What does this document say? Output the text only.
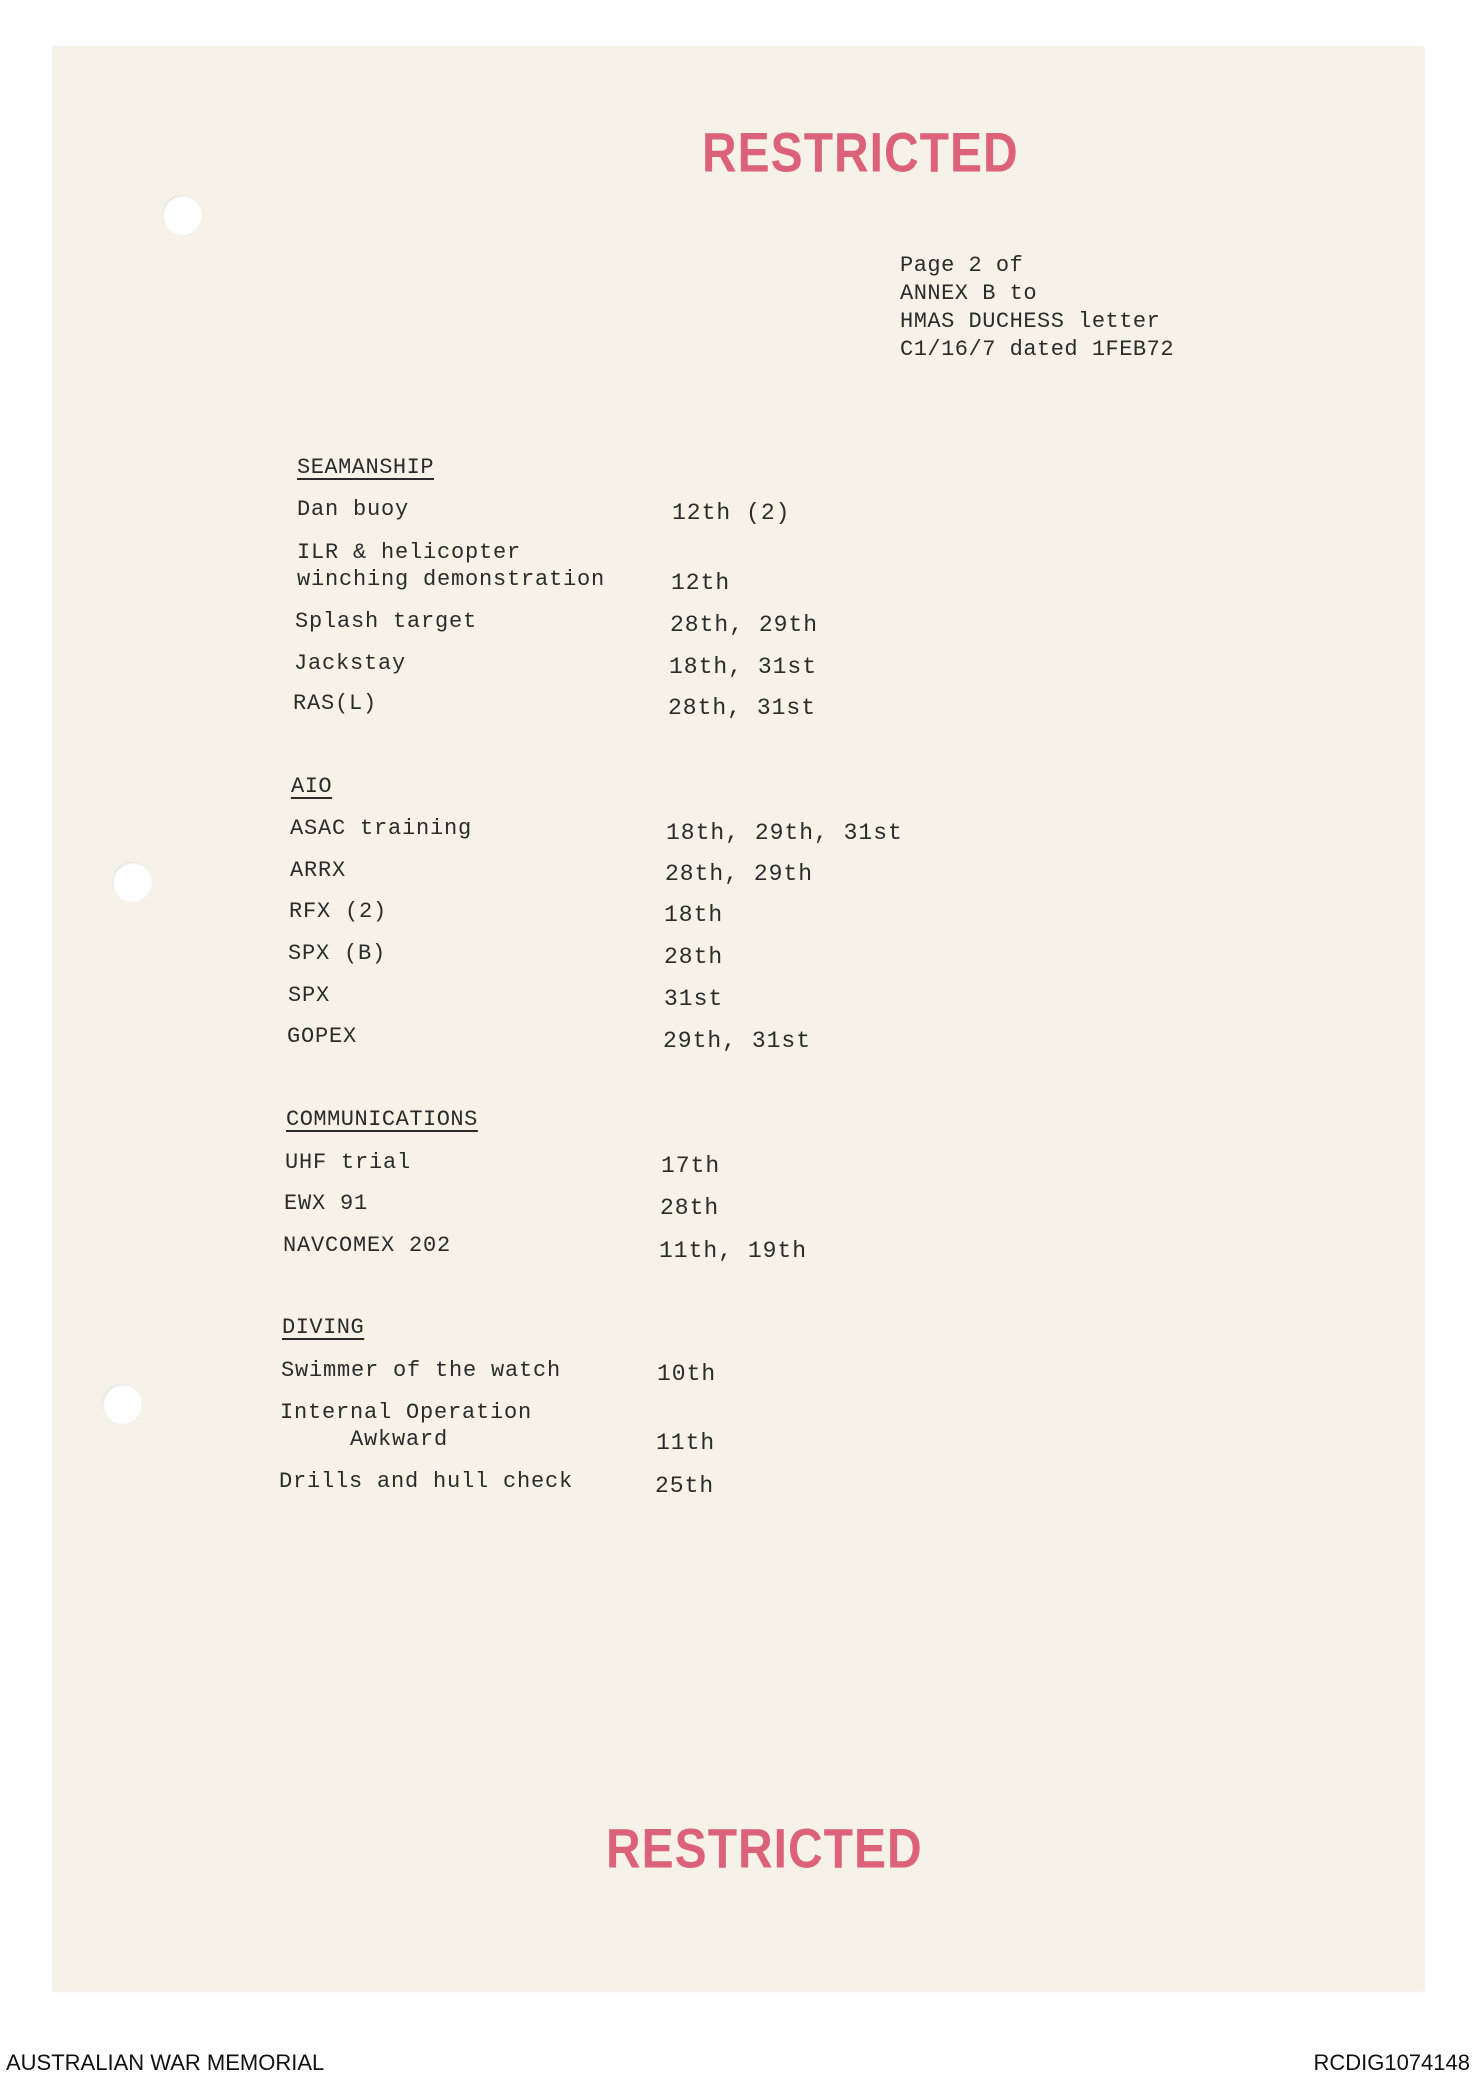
RESTRICTED
Page 2 of
ANNEX B to
HMAS DUCHESS letter
C1/16/7 dated 1FEB72
SEAMANSHIP
Dan buoy	12th (2)
ILR & helicopter
winching demonstration	12th
Splash target	28th, 29th
Jackstay	18th, 31st
RAS(L)	28th, 31st
AIO
ASAC training	18th, 29th, 31st
ARRX	28th, 29th
RFX (2)	18th
SPX (B)	28th
SPX	31st
GOPEX	29th, 31st
COMMUNICATIONS
UHF trial	17th
EWX 91	28th
NAVCOMEX 202	11th, 19th
DIVING
Swimmer of the watch	10th
Internal Operation
Awkward	11th
Drills and hull check	25th
RESTRICTED
AUSTRALIAN WAR MEMORIAL	RCDIG1074148
